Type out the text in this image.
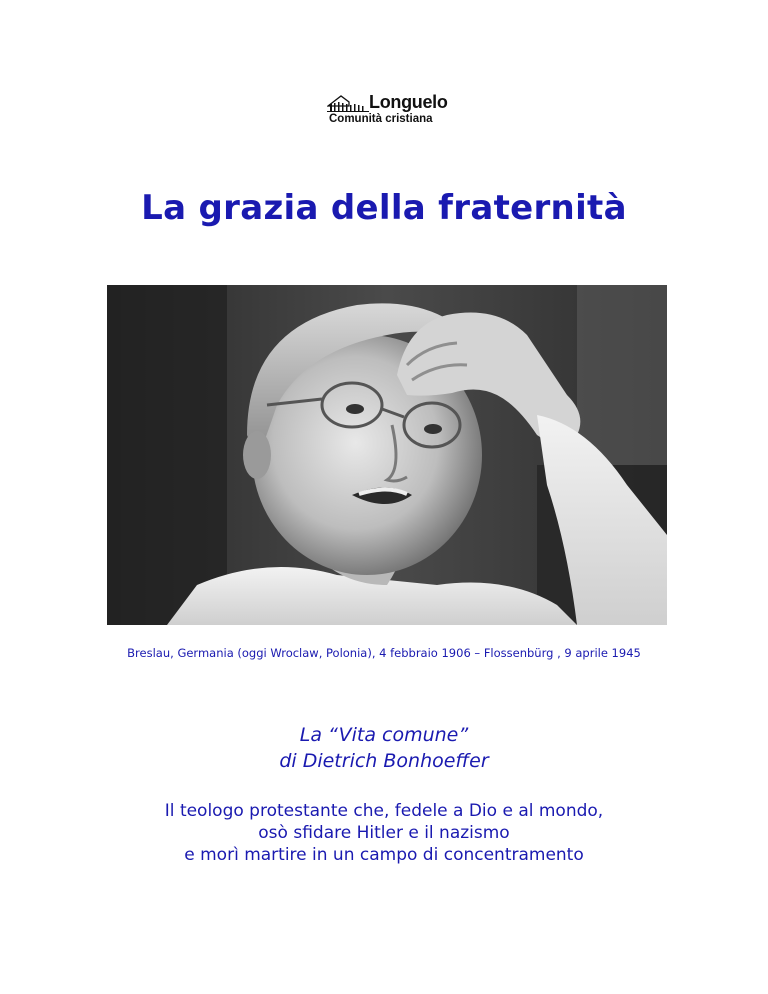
Longuelo
Comunità cristiana
La grazia della fraternità
Breslau, Germania (oggi Wroclaw, Polonia), 4 febbraio 1906 – Flossenbürg , 9 aprile 1945
La “Vita comune”
di Dietrich Bonhoeffer
Il teologo protestante che, fedele a Dio e al mondo,
osò sfidare Hitler e il nazismo
e morì martire in un campo di concentramento
